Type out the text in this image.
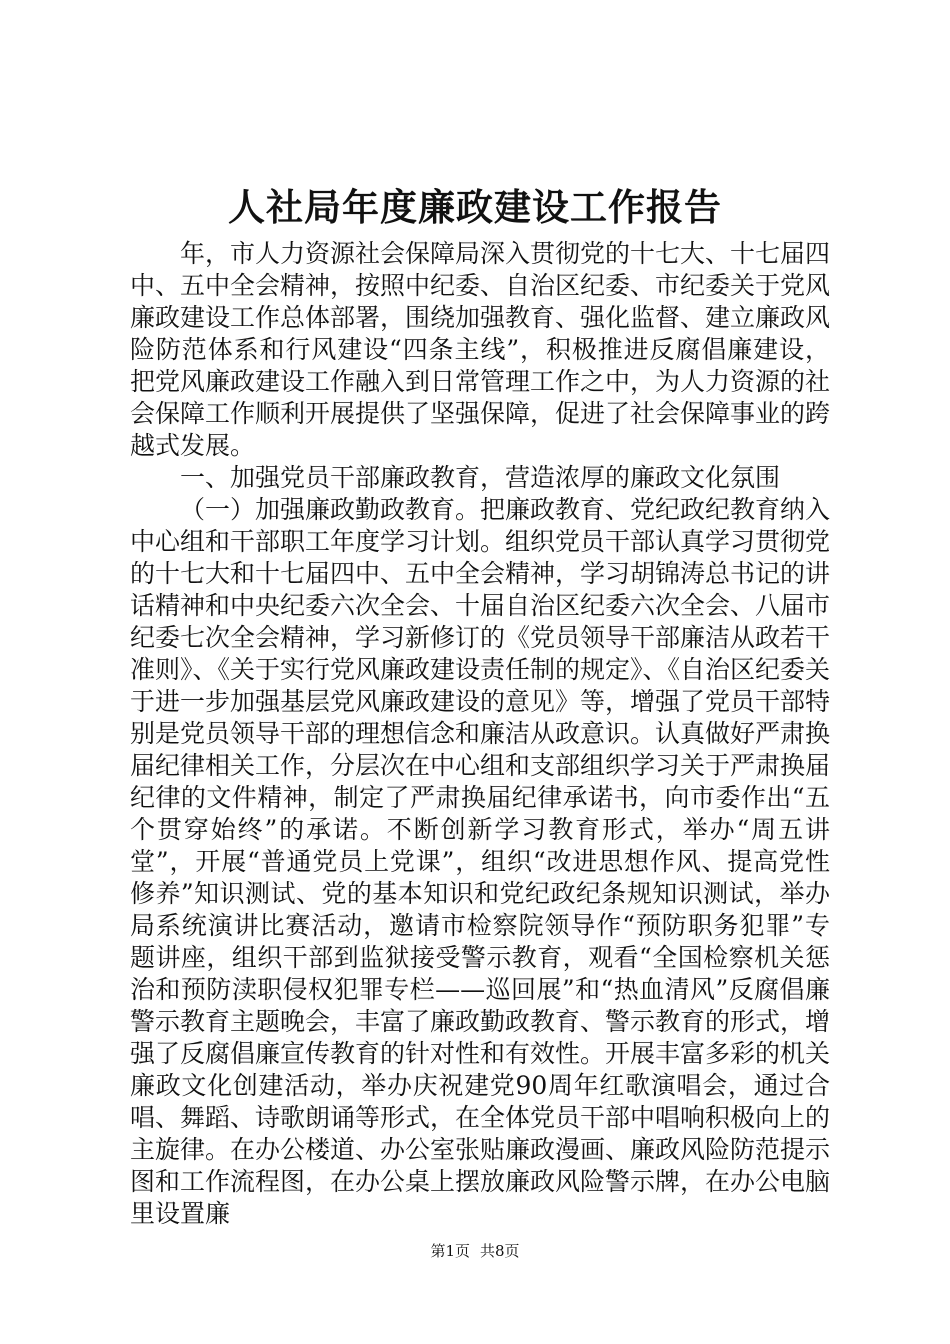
人社局年度廉政建设工作报告

年，市人力资源社会保障局深入贯彻党的十七大、十七届四中、五中全会精神，按照中纪委、自治区纪委、市纪委关于党风廉政建设工作总体部署，围绕加强教育、强化监督、建立廉政风险防范体系和行风建设“四条主线”，积极推进反腐倡廉建设，把党风廉政建设工作融入到日常管理工作之中，为人力资源的社会保障工作顺利开展提供了坚强保障，促进了社会保障事业的跨越式发展。

一、加强党员干部廉政教育，营造浓厚的廉政文化氛围

（一）加强廉政勤政教育。把廉政教育、党纪政纪教育纳入中心组和干部职工年度学习计划。组织党员干部认真学习贯彻党的十七大和十七届四中、五中全会精神，学习胡锦涛总书记的讲话精神和中央纪委六次全会、十届自治区纪委六次全会、八届市纪委七次全会精神，学习新修订的《党员领导干部廉洁从政若干准则》、《关于实行党风廉政建设责任制的规定》、《自治区纪委关于进一步加强基层党风廉政建设的意见》等，增强了党员干部特别是党员领导干部的理想信念和廉洁从政意识。认真做好严肃换届纪律相关工作，分层次在中心组和支部组织学习关于严肃换届纪律的文件精神，制定了严肃换届纪律承诺书，向市委作出“五个贯穿始终”的承诺。不断创新学习教育形式，举办“周五讲堂”，开展“普通党员上党课”，组织“改进思想作风、提高党性修养”知识测试、党的基本知识和党纪政纪条规知识测试，举办局系统演讲比赛活动，邀请市检察院领导作“预防职务犯罪”专题讲座，组织干部到监狱接受警示教育，观看“全国检察机关惩治和预防渎职侵权犯罪专栏——巡回展”和“热血清风”反腐倡廉警示教育主题晚会，丰富了廉政勤政教育、警示教育的形式，增强了反腐倡廉宣传教育的针对性和有效性。开展丰富多彩的机关廉政文化创建活动，举办庆祝建党90周年红歌演唱会，通过合唱、舞蹈、诗歌朗诵等形式，在全体党员干部中唱响积极向上的主旋律。在办公楼道、办公室张贴廉政漫画、廉政风险防范提示图和工作流程图，在办公桌上摆放廉政风险警示牌，在办公电脑里设置廉

第1页 共8页
